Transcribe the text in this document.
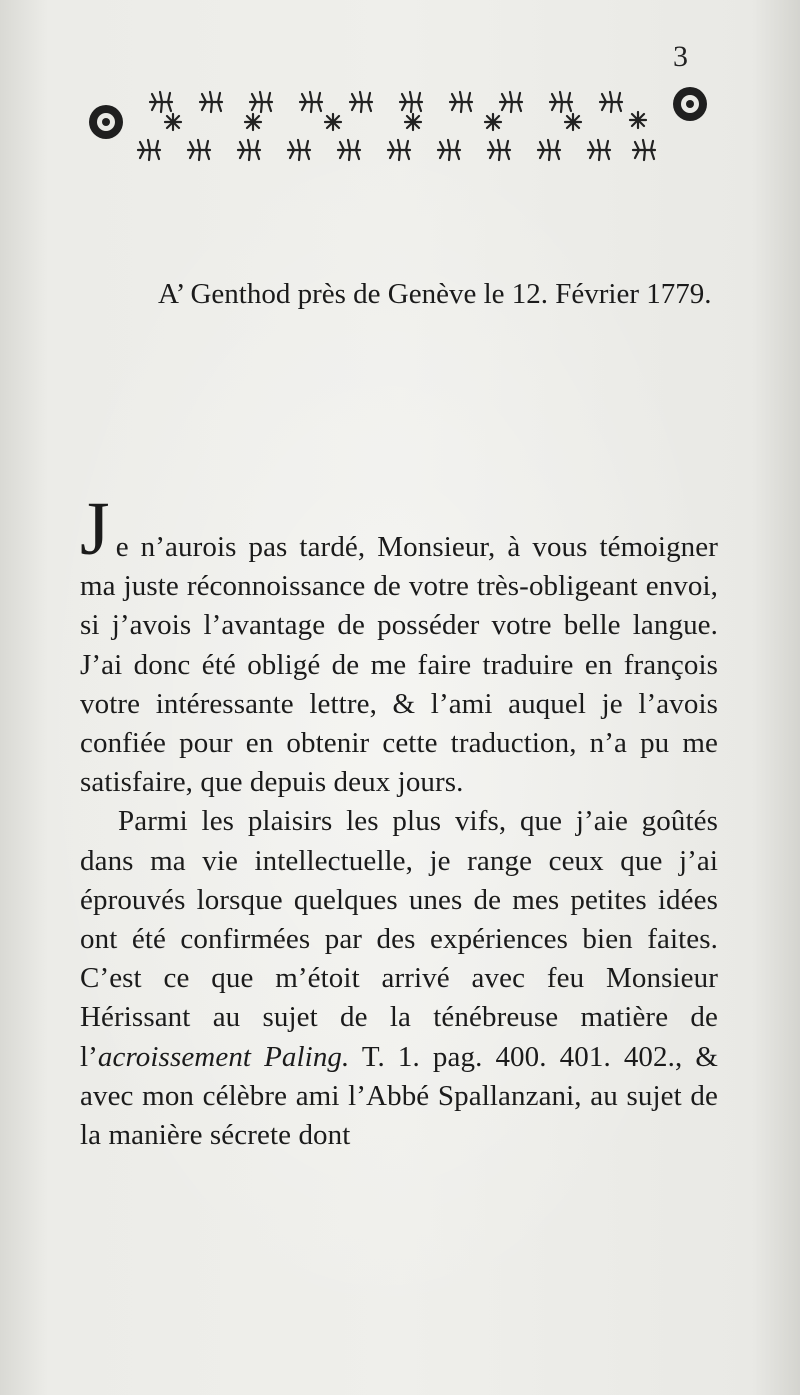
3
A’ Genthod près de Genève le 12. Février 1779.

Je n’aurois pas tardé, Monsieur, à vous témoigner ma juste réconnoissance de votre très-obligeant envoi, si j’avois l’avantage de posséder votre belle langue. J’ai donc été obligé de me faire traduire en françois votre intéressante lettre, & l’ami auquel je l’avois confiée pour en obtenir cette traduction, n’a pu me satisfaire, que depuis deux jours.

Parmi les plaisirs les plus vifs, que j’aie goûtés dans ma vie intellectuelle, je range ceux que j’ai éprouvés lorsque quelques unes de mes petites idées ont été confirmées par des expériences bien faites. C’est ce que m’étoit arrivé avec feu Monsieur Hérissant au sujet de la ténébreuse matière de l’acroissement Paling. T. 1. pag. 400. 401. 402., & avec mon célèbre ami l’Abbé Spallanzani, au sujet de la manière sécrete dont
